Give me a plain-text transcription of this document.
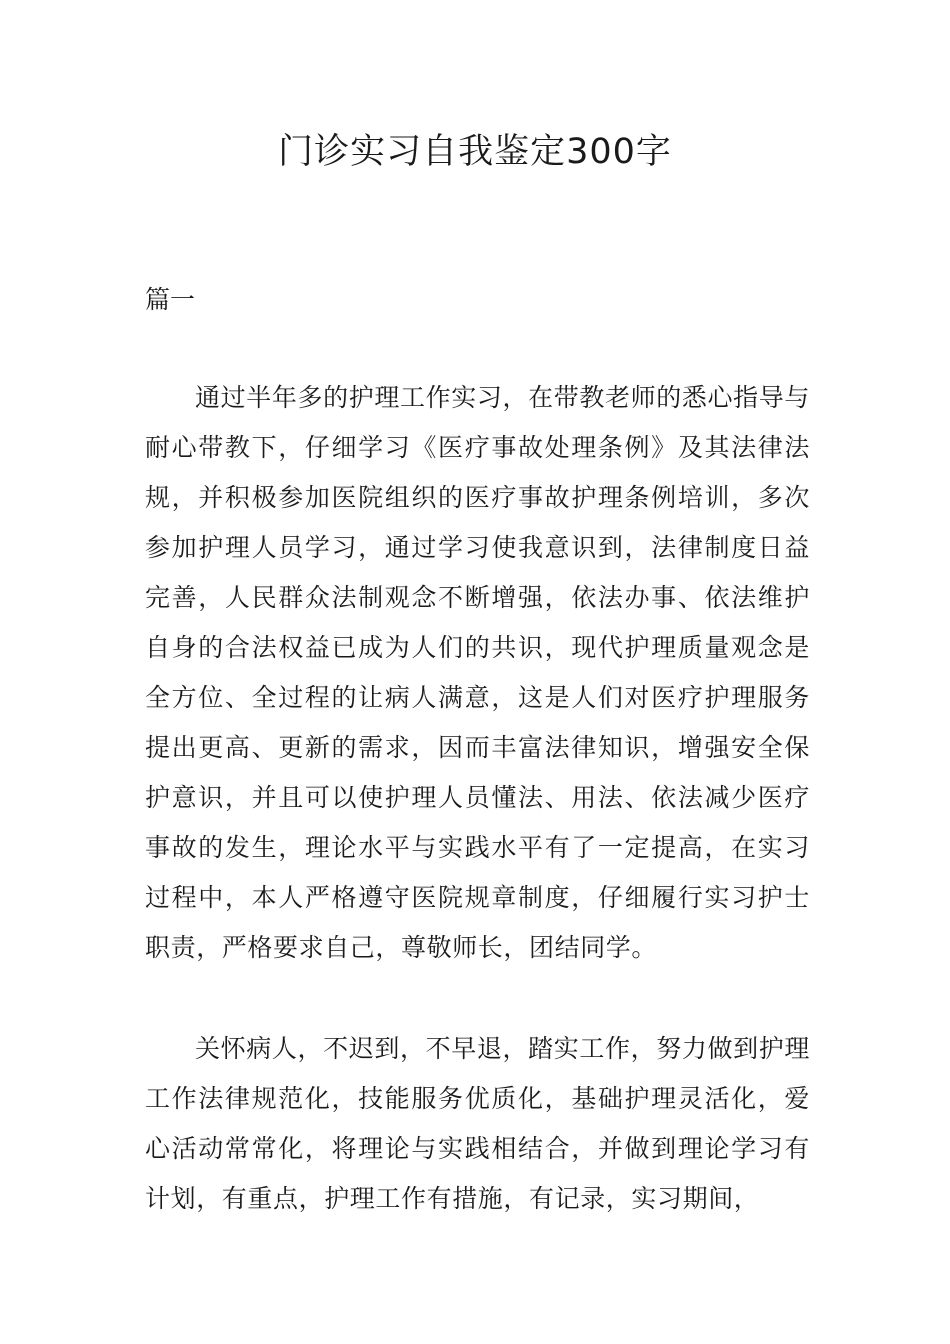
门诊实习自我鉴定300字

篇一

通过半年多的护理工作实习，在带教老师的悉心指导与耐心带教下，仔细学习《医疗事故处理条例》及其法律法规，并积极参加医院组织的医疗事故护理条例培训，多次参加护理人员学习，通过学习使我意识到，法律制度日益完善，人民群众法制观念不断增强，依法办事、依法维护自身的合法权益已成为人们的共识，现代护理质量观念是全方位、全过程的让病人满意，这是人们对医疗护理服务提出更高、更新的需求，因而丰富法律知识，增强安全保护意识，并且可以使护理人员懂法、用法、依法减少医疗事故的发生，理论水平与实践水平有了一定提高，在实习过程中，本人严格遵守医院规章制度，仔细履行实习护士职责，严格要求自己，尊敬师长，团结同学。

关怀病人，不迟到，不早退，踏实工作，努力做到护理工作法律规范化，技能服务优质化，基础护理灵活化，爱心活动常常化，将理论与实践相结合，并做到理论学习有计划，有重点，护理工作有措施，有记录，实习期间，
